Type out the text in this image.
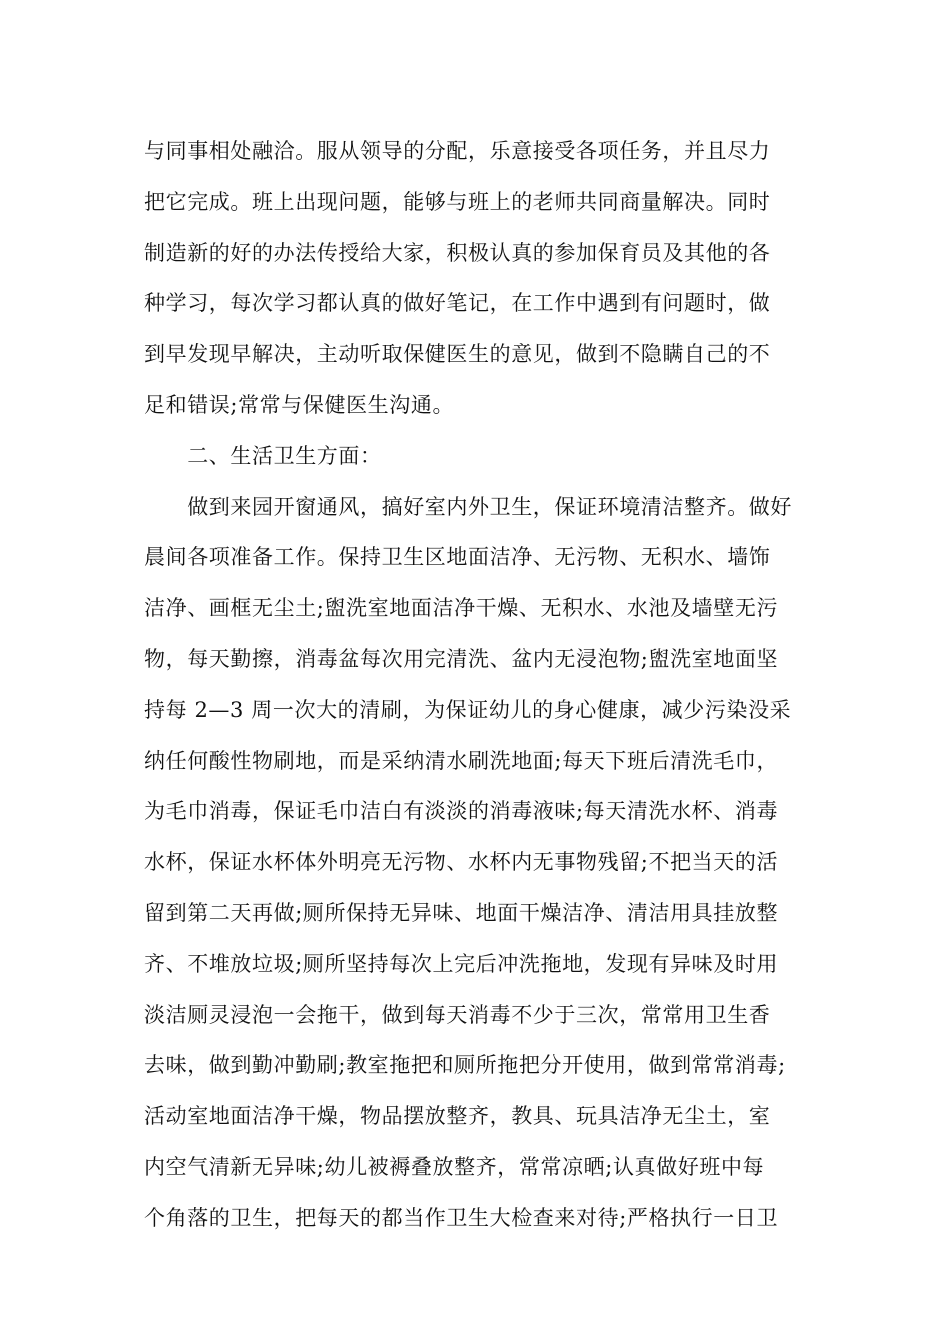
与同事相处融洽。服从领导的分配，乐意接受各项任务，并且尽力
把它完成。班上出现问题，能够与班上的老师共同商量解决。同时
制造新的好的办法传授给大家，积极认真的参加保育员及其他的各
种学习，每次学习都认真的做好笔记，在工作中遇到有问题时，做
到早发现早解决，主动听取保健医生的意见，做到不隐瞒自己的不
足和错误;常常与保健医生沟通。
　　二、生活卫生方面：
　　做到来园开窗通风，搞好室内外卫生，保证环境清洁整齐。做好
晨间各项准备工作。保持卫生区地面洁净、无污物、无积水、墙饰
洁净、画框无尘土;盥洗室地面洁净干燥、无积水、水池及墙壁无污
物，每天勤擦，消毒盆每次用完清洗、盆内无浸泡物;盥洗室地面坚
持每 2—3 周一次大的清刷，为保证幼儿的身心健康，减少污染没采
纳任何酸性物刷地，而是采纳清水刷洗地面;每天下班后清洗毛巾，
为毛巾消毒，保证毛巾洁白有淡淡的消毒液味;每天清洗水杯、消毒
水杯，保证水杯体外明亮无污物、水杯内无事物残留;不把当天的活
留到第二天再做;厕所保持无异味、地面干燥洁净、清洁用具挂放整
齐、不堆放垃圾;厕所坚持每次上完后冲洗拖地，发现有异味及时用
淡洁厕灵浸泡一会拖干，做到每天消毒不少于三次，常常用卫生香
去味，做到勤冲勤刷;教室拖把和厕所拖把分开使用，做到常常消毒;
活动室地面洁净干燥，物品摆放整齐，教具、玩具洁净无尘土，室
内空气清新无异味;幼儿被褥叠放整齐，常常凉晒;认真做好班中每
个角落的卫生，把每天的都当作卫生大检查来对待;严格执行一日卫
